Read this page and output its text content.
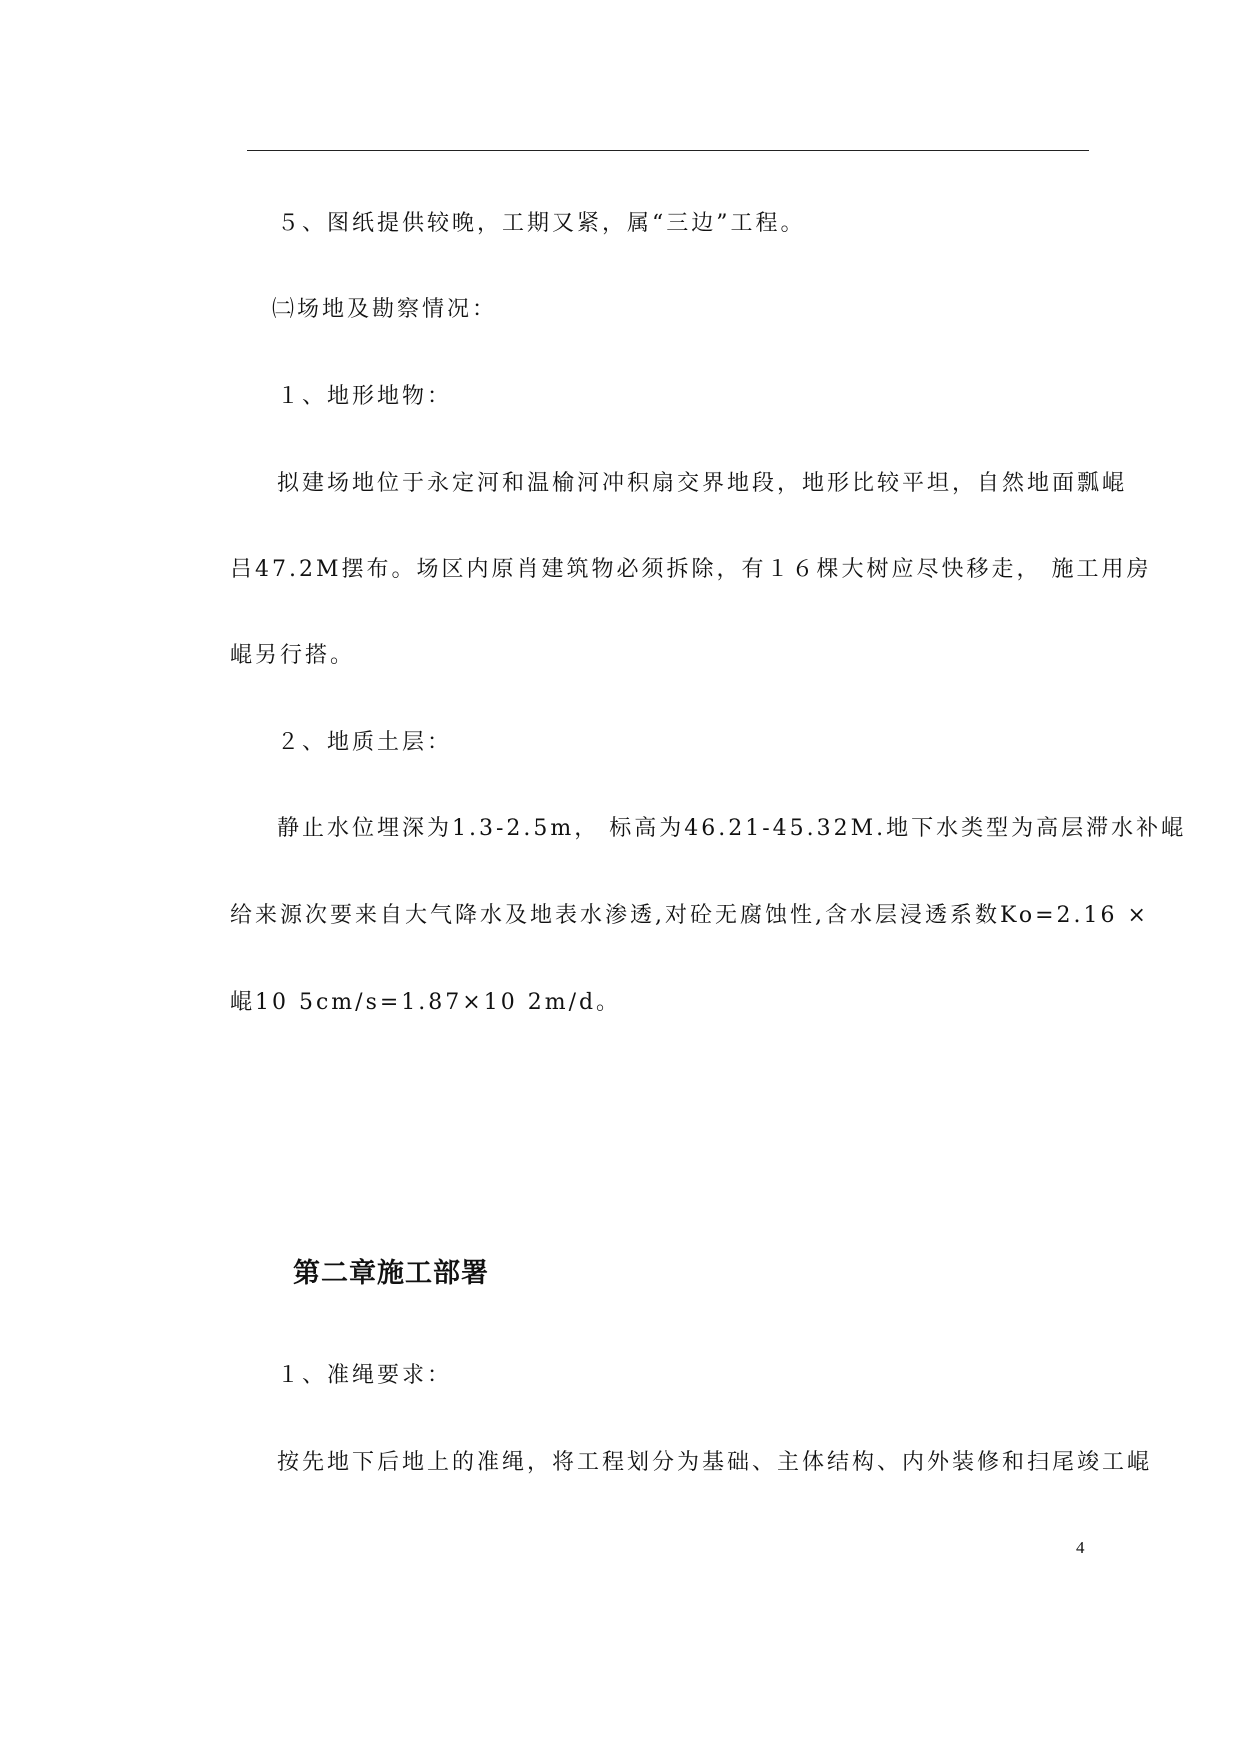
５、图纸提供较晚，工期又紧，属“三边”工程。
㈡场地及勘察情况：
１、地形地物：
拟建场地位于永定河和温榆河冲积扇交界地段，地形比较平坦，自然地面瓢崐
吕47.2M摆布。场区内原肖建筑物必须拆除，有１６棵大树应尽快移走， 施工用房
崐另行搭。
２、地质土层：
静止水位埋深为1.3-2.5m， 标高为46.21-45.32M.地下水类型为高层滞水补崐
给来源次要来自大气降水及地表水渗透,对砼无腐蚀性,含水层浸透系数Ko=2.16 ×
崐10 5cm/s=1.87×10 2m/d。
第二章施工部署
１、准绳要求：
按先地下后地上的准绳，将工程划分为基础、主体结构、内外装修和扫尾竣工崐
4
